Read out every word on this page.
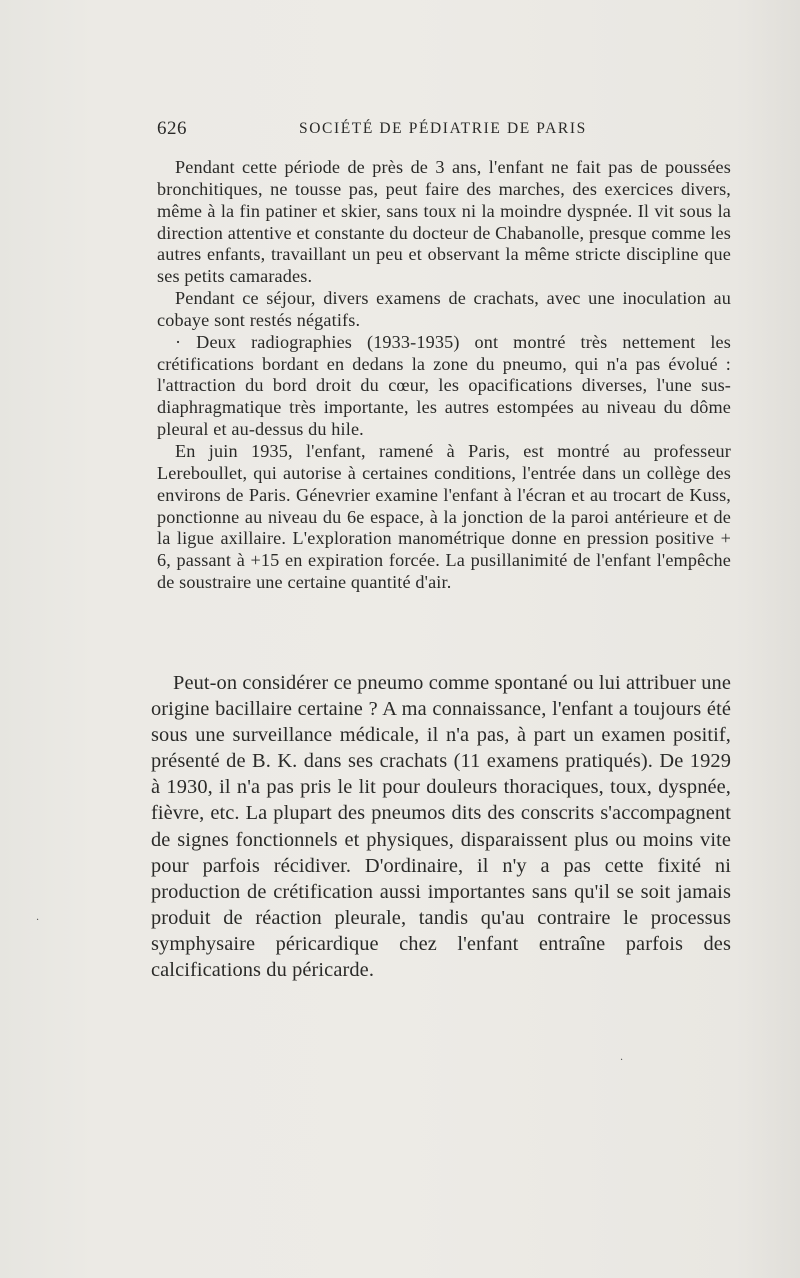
626	SOCIÉTÉ DE PÉDIATRIE DE PARIS

Pendant cette période de près de 3 ans, l'enfant ne fait pas de poussées bronchitiques, ne tousse pas, peut faire des marches, des exercices divers, même à la fin patiner et skier, sans toux ni la moindre dyspnée. Il vit sous la direction attentive et constante du docteur de Chabanolle, presque comme les autres enfants, travaillant un peu et observant la même stricte discipline que ses petits camarades.

Pendant ce séjour, divers examens de crachats, avec une inoculation au cobaye sont restés négatifs.

· Deux radiographies (1933-1935) ont montré très nettement les crétifications bordant en dedans la zone du pneumo, qui n'a pas évolué : l'attraction du bord droit du cœur, les opacifications diverses, l'une sus-diaphragmatique très importante, les autres estompées au niveau du dôme pleural et au-dessus du hile.

En juin 1935, l'enfant, ramené à Paris, est montré au professeur Lereboullet, qui autorise à certaines conditions, l'entrée dans un collège des environs de Paris. Génevrier examine l'enfant à l'écran et au trocart de Kuss, ponctionne au niveau du 6e espace, à la jonction de la paroi antérieure et de la ligue axillaire. L'exploration manométrique donne en pression positive + 6, passant à +15 en expiration forcée. La pusillanimité de l'enfant l'empêche de soustraire une certaine quantité d'air.

Peut-on considérer ce pneumo comme spontané ou lui attribuer une origine bacillaire certaine ? A ma connaissance, l'enfant a toujours été sous une surveillance médicale, il n'a pas, à part un examen positif, présenté de B. K. dans ses crachats (11 examens pratiqués). De 1929 à 1930, il n'a pas pris le lit pour douleurs thoraciques, toux, dyspnée, fièvre, etc. La plupart des pneumos dits des conscrits s'accompagnent de signes fonctionnels et physiques, disparaissent plus ou moins vite pour parfois récidiver. D'ordinaire, il n'y a pas cette fixité ni production de crétification aussi importantes sans qu'il se soit jamais produit de réaction pleurale, tandis qu'au contraire le processus symphysaire péricardique chez l'enfant entraîne parfois des calcifications du péricarde.

·
·
